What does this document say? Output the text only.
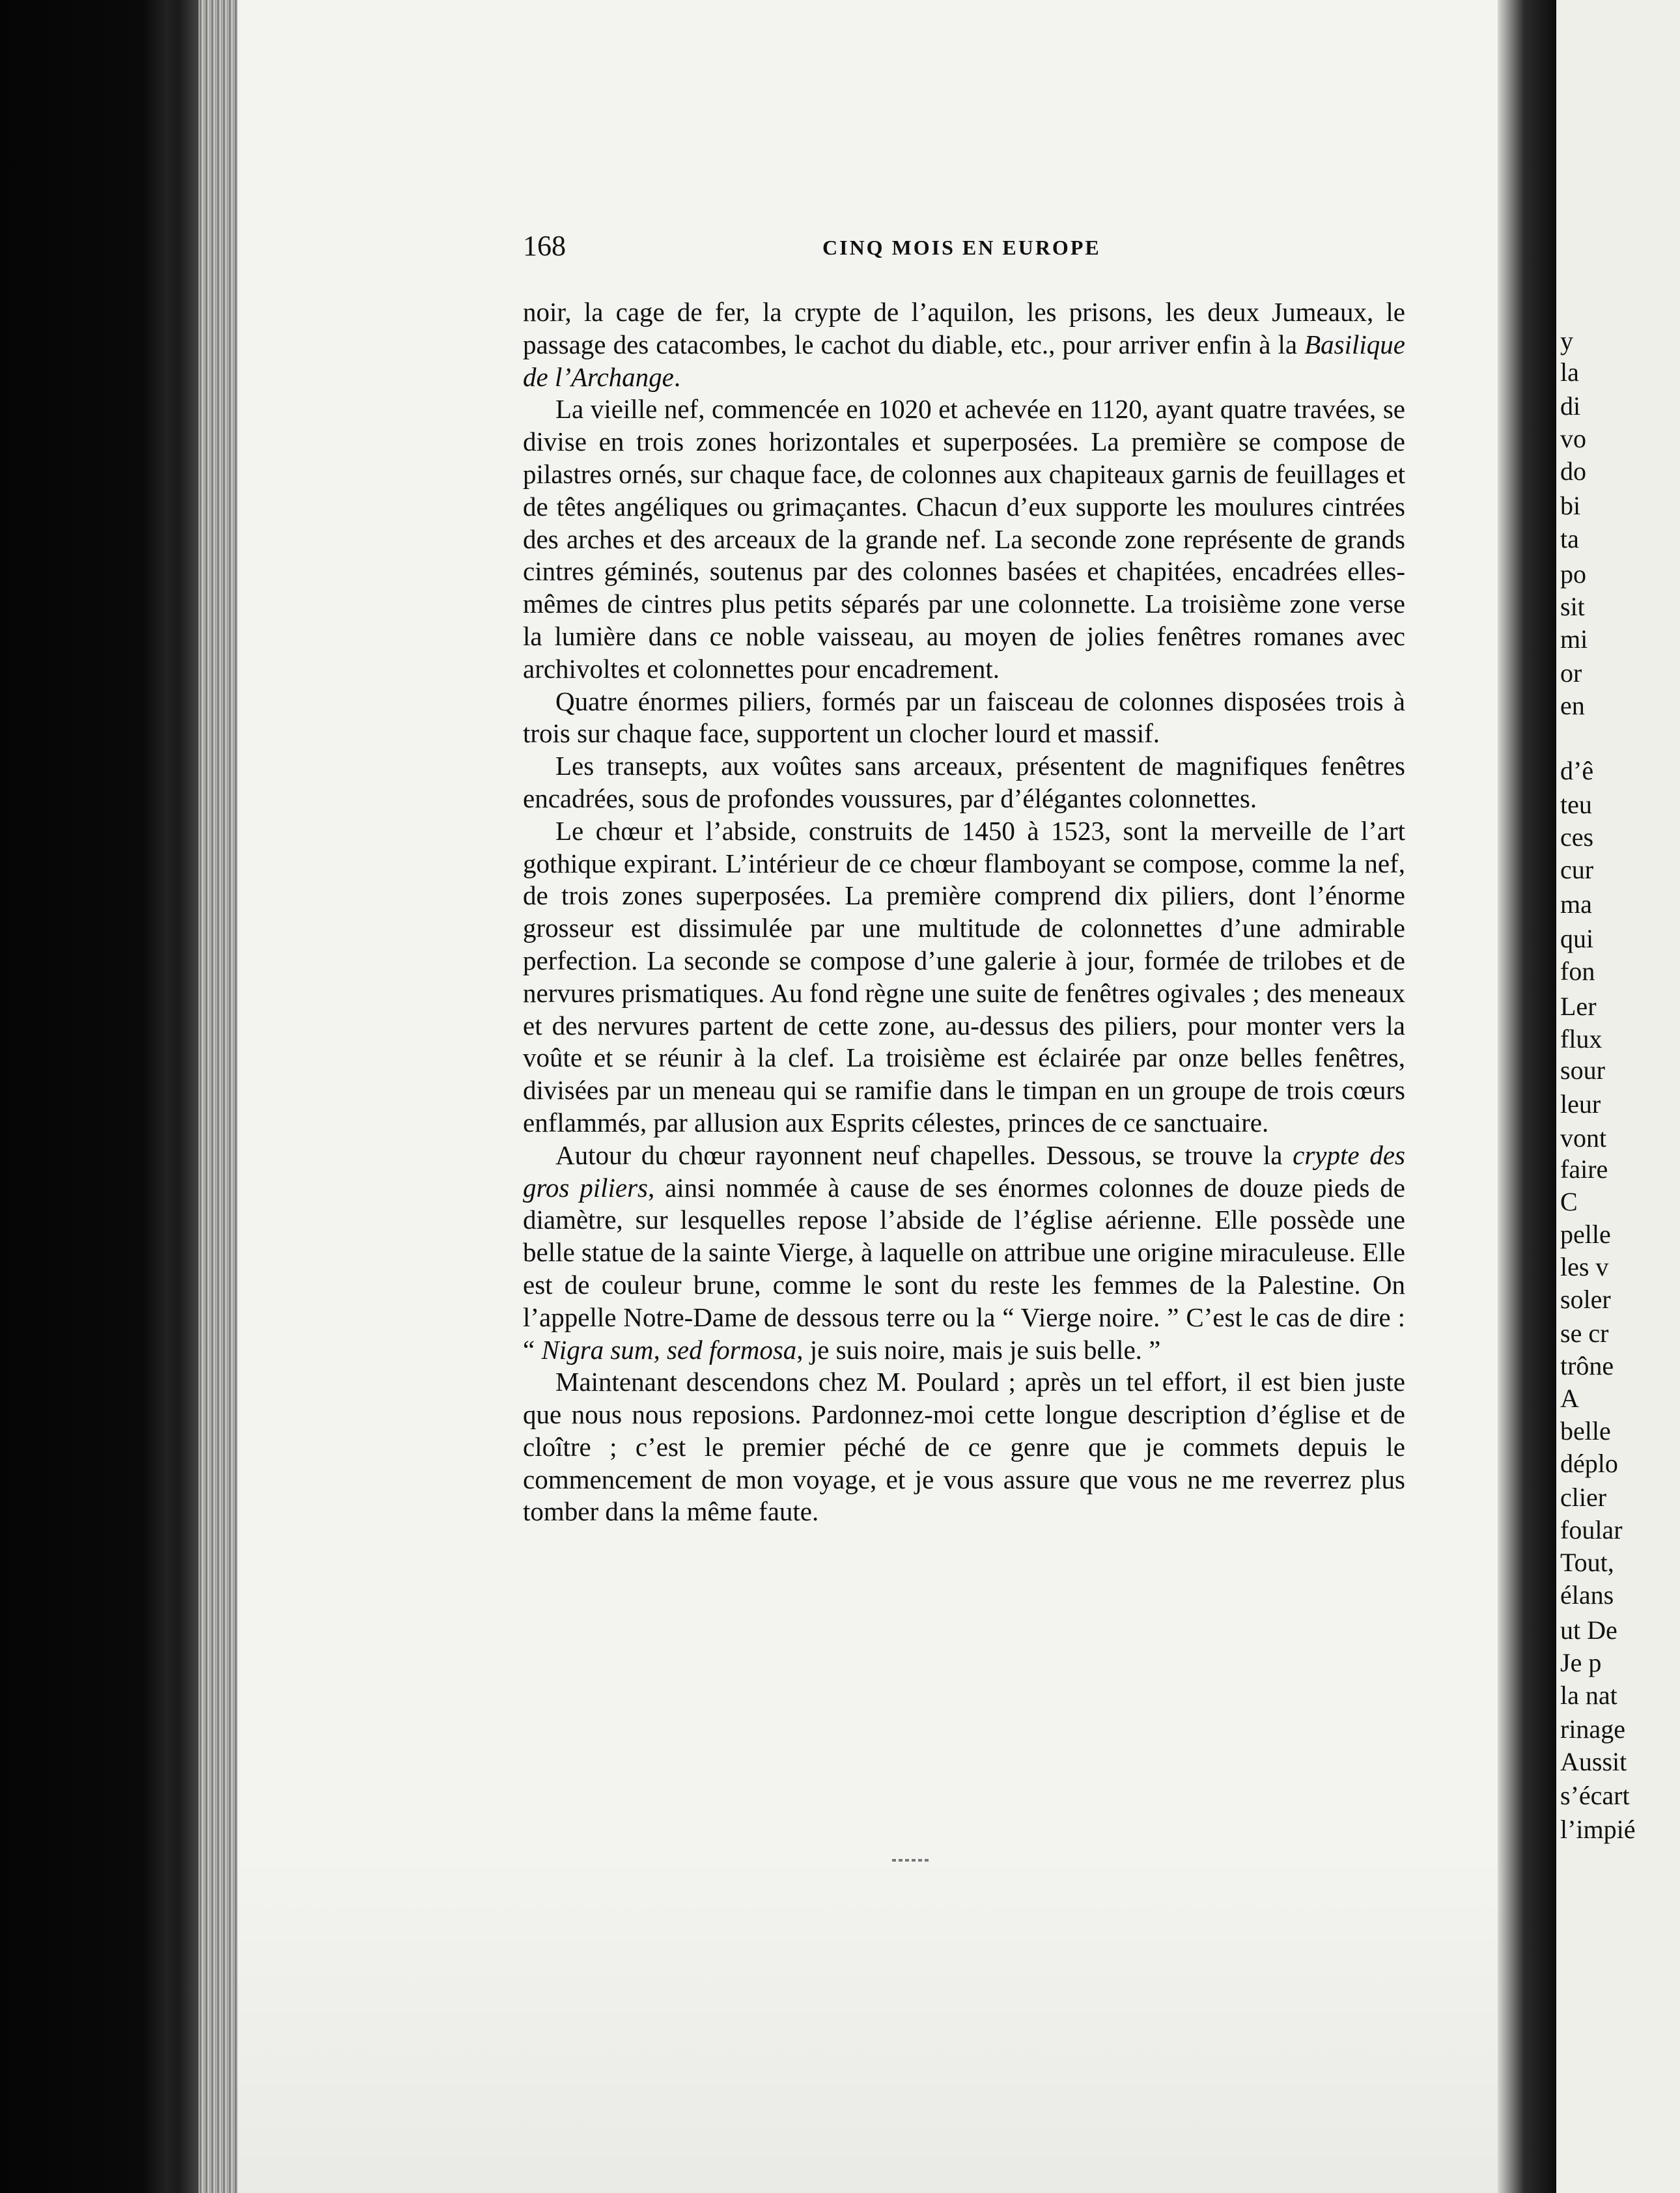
y
la
di
vo
do
bi
ta
po
sit
mi
or
en
d’ê
teu
ces
cur
ma
qui
fon
Ler
flux
sour
leur
vont
faire
C
pelle
les v
soler
se cr
trône
A
belle
déplo
clier
foular
Tout,
élans
ut De
Je p
la nat
rinage
Aussit
s’écart
l’impié
168	CINQ MOIS EN EUROPE

noir, la cage de fer, la crypte de l’aquilon, les prisons, les deux Jumeaux, le passage des catacombes, le cachot du diable, etc., pour arriver enfin à la Basilique de l’Archange.

La vieille nef, commencée en 1020 et achevée en 1120, ayant quatre travées, se divise en trois zones horizontales et superposées. La première se compose de pilastres ornés, sur chaque face, de colonnes aux chapiteaux garnis de feuillages et de têtes angéliques ou grimaçantes. Chacun d’eux supporte les moulures cintrées des arches et des arceaux de la grande nef. La seconde zone représente de grands cintres géminés, soutenus par des colonnes basées et chapitées, encadrées elles-mêmes de cintres plus petits séparés par une colonnette. La troisième zone verse la lumière dans ce noble vaisseau, au moyen de jolies fenêtres romanes avec archivoltes et colonnettes pour encadrement.

Quatre énormes piliers, formés par un faisceau de colonnes disposées trois à trois sur chaque face, supportent un clocher lourd et massif.

Les transepts, aux voûtes sans arceaux, présentent de magnifiques fenêtres encadrées, sous de profondes voussures, par d’élégantes colonnettes.

Le chœur et l’abside, construits de 1450 à 1523, sont la merveille de l’art gothique expirant. L’intérieur de ce chœur flamboyant se compose, comme la nef, de trois zones superposées. La première comprend dix piliers, dont l’énorme grosseur est dissimulée par une multitude de colonnettes d’une admirable perfection. La seconde se compose d’une galerie à jour, formée de trilobes et de nervures prismatiques. Au fond règne une suite de fenêtres ogivales ; des meneaux et des nervures partent de cette zone, au-dessus des piliers, pour monter vers la voûte et se réunir à la clef. La troisième est éclairée par onze belles fenêtres, divisées par un meneau qui se ramifie dans le timpan en un groupe de trois cœurs enflammés, par allusion aux Esprits célestes, princes de ce sanctuaire.

Autour du chœur rayonnent neuf chapelles. Dessous, se trouve la crypte des gros piliers, ainsi nommée à cause de ses énormes colonnes de douze pieds de diamètre, sur lesquelles repose l’abside de l’église aérienne. Elle possède une belle statue de la sainte Vierge, à laquelle on attribue une origine miraculeuse. Elle est de couleur brune, comme le sont du reste les femmes de la Palestine. On l’appelle Notre-Dame de dessous terre ou la “ Vierge noire. ” C’est le cas de dire : “ Nigra sum, sed formosa, je suis noire, mais je suis belle. ”

Maintenant descendons chez M. Poulard ; après un tel effort, il est bien juste que nous nous reposions. Pardonnez-moi cette longue description d’église et de cloître ; c’est le premier péché de ce genre que je commets depuis le commencement de mon voyage, et je vous assure que vous ne me reverrez plus tomber dans la même faute.
